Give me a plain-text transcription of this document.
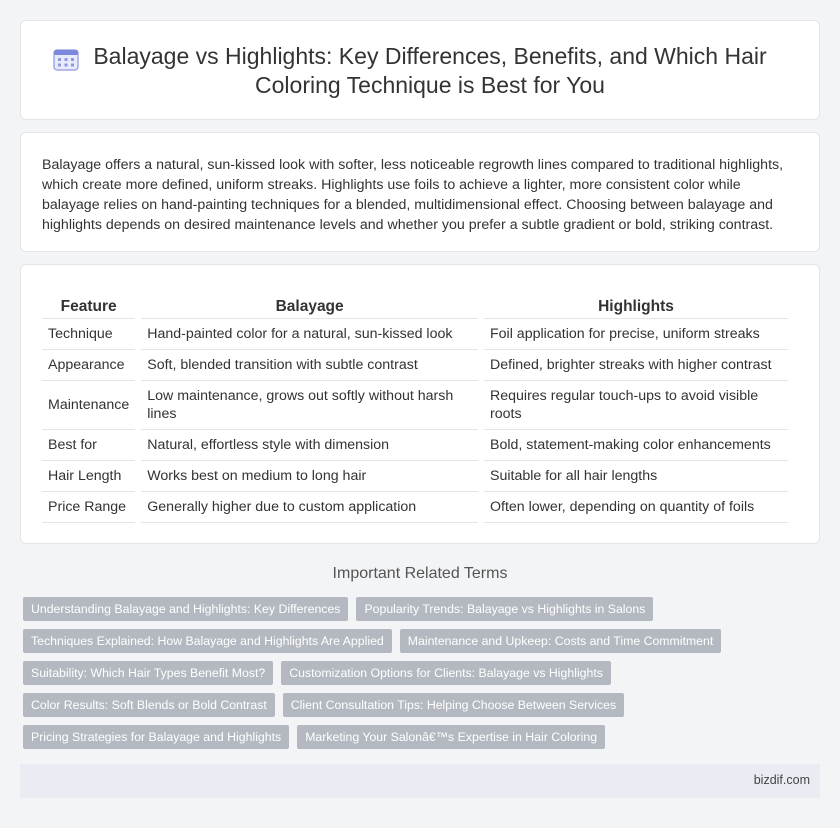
Balayage vs Highlights: Key Differences, Benefits, and Which Hair Coloring Technique is Best for You

Balayage offers a natural, sun-kissed look with softer, less noticeable regrowth lines compared to traditional highlights, which create more defined, uniform streaks. Highlights use foils to achieve a lighter, more consistent color while balayage relies on hand-painting techniques for a blended, multidimensional effect. Choosing between balayage and highlights depends on desired maintenance levels and whether you prefer a subtle gradient or bold, striking contrast.

Feature	Balayage	Highlights
Technique	Hand-painted color for a natural, sun-kissed look	Foil application for precise, uniform streaks
Appearance	Soft, blended transition with subtle contrast	Defined, brighter streaks with higher contrast
Maintenance	Low maintenance, grows out softly without harsh lines	Requires regular touch-ups to avoid visible roots
Best for	Natural, effortless style with dimension	Bold, statement-making color enhancements
Hair Length	Works best on medium to long hair	Suitable for all hair lengths
Price Range	Generally higher due to custom application	Often lower, depending on quantity of foils
Important Related Terms
Understanding Balayage and Highlights: Key Differences	Popularity Trends: Balayage vs Highlights in Salons
Techniques Explained: How Balayage and Highlights Are Applied	Maintenance and Upkeep: Costs and Time Commitment
Suitability: Which Hair Types Benefit Most?	Customization Options for Clients: Balayage vs Highlights
Color Results: Soft Blends or Bold Contrast	Client Consultation Tips: Helping Choose Between Services
Pricing Strategies for Balayage and Highlights	Marketing Your Salonâ€™s Expertise in Hair Coloring
bizdif.com
